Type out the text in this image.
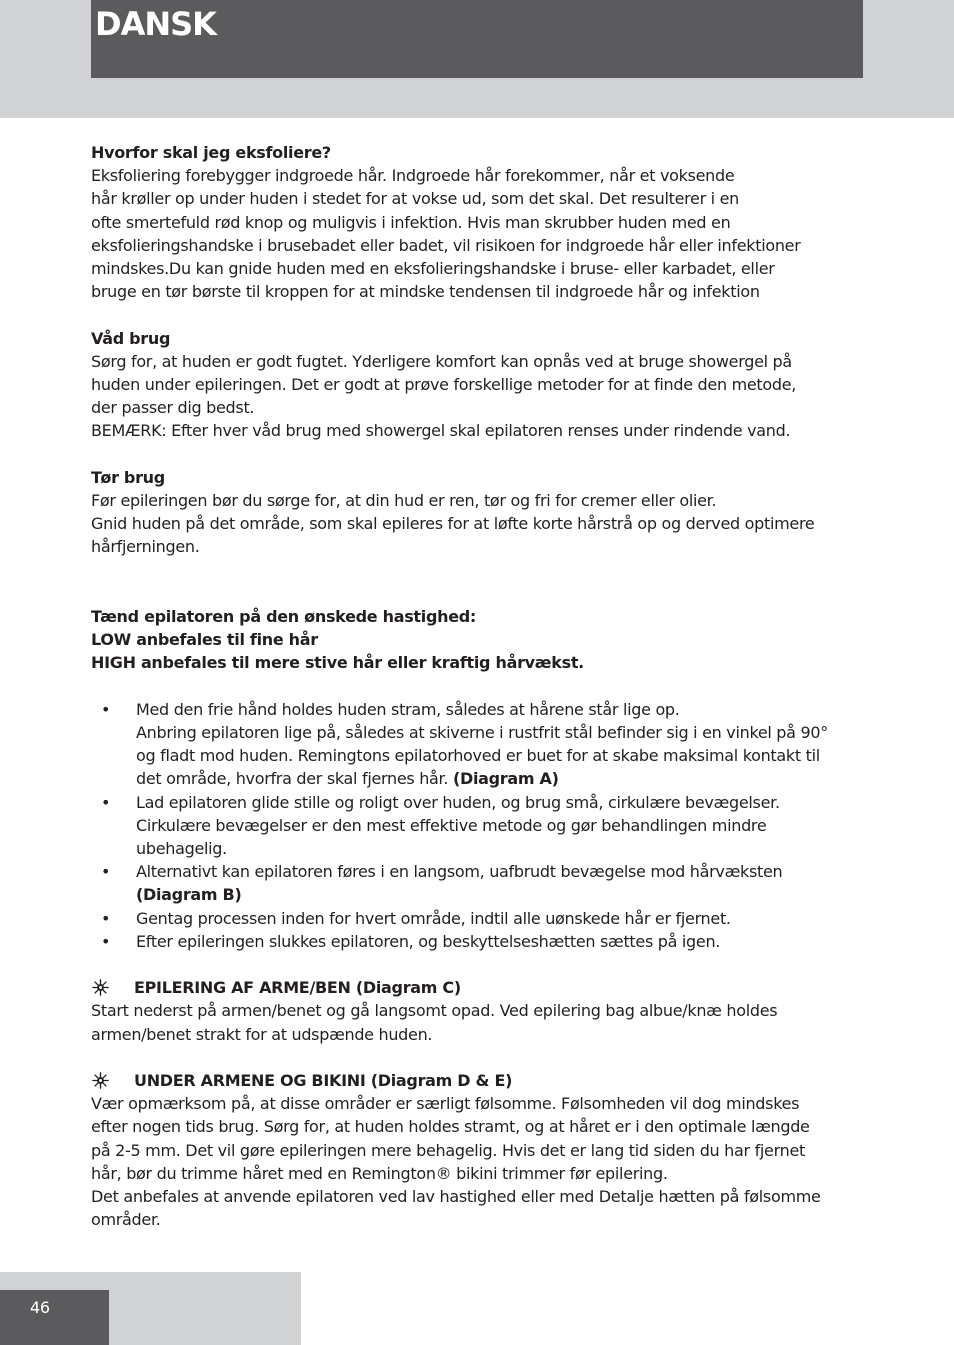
DANSK

Hvorfor skal jeg eksfoliere?

Eksfoliering forebygger indgroede hår. Indgroede hår forekommer, når et voksende

hår krøller op under huden i stedet for at vokse ud, som det skal. Det resulterer i en

ofte smertefuld rød knop og muligvis i infektion. Hvis man skrubber huden med en

eksfolieringshandske i brusebadet eller badet, vil risikoen for indgroede hår eller infektioner

mindskes.Du kan gnide huden med en eksfolieringshandske i bruse- eller karbadet, eller

bruge en tør børste til kroppen for at mindske tendensen til indgroede hår og infektion

Våd brug

Sørg for, at huden er godt fugtet. Yderligere komfort kan opnås ved at bruge showergel på

huden under epileringen. Det er godt at prøve forskellige metoder for at finde den metode,

der passer dig bedst.

BEMÆRK: Efter hver våd brug med showergel skal epilatoren renses under rindende vand.

Tør brug

Før epileringen bør du sørge for, at din hud er ren, tør og fri for cremer eller olier.

Gnid huden på det område, som skal epileres for at løfte korte hårstrå op og derved optimere

hårfjerningen.

Tænd epilatoren på den ønskede hastighed:

LOW anbefales til fine hår

HIGH anbefales til mere stive hår eller kraftig hårvækst.

• Med den frie hånd holdes huden stram, således at hårene står lige op.
Anbring epilatoren lige på, således at skiverne i rustfrit stål befinder sig i en vinkel på 90°
og fladt mod huden. Remingtons epilatorhoved er buet for at skabe maksimal kontakt til
det område, hvorfra der skal fjernes hår. (Diagram A)
• Lad epilatoren glide stille og roligt over huden, og brug små, cirkulære bevægelser.
Cirkulære bevægelser er den mest effektive metode og gør behandlingen mindre
ubehagelig.
• Alternativt kan epilatoren føres i en langsom, uafbrudt bevægelse mod hårvæksten
(Diagram B)
• Gentag processen inden for hvert område, indtil alle uønskede hår er fjernet.
• Efter epileringen slukkes epilatoren, og beskyttelseshætten sættes på igen.
EPILERING AF ARME/BEN (Diagram C)

Start nederst på armen/benet og gå langsomt opad. Ved epilering bag albue/knæ holdes

armen/benet strakt for at udspænde huden.

UNDER ARMENE OG BIKINI (Diagram D & E)

Vær opmærksom på, at disse områder er særligt følsomme. Følsomheden vil dog mindskes

efter nogen tids brug. Sørg for, at huden holdes stramt, og at håret er i den optimale længde

på 2-5 mm. Det vil gøre epileringen mere behagelig. Hvis det er lang tid siden du har fjernet

hår, bør du trimme håret med en Remington® bikini trimmer før epilering.

Det anbefales at anvende epilatoren ved lav hastighed eller med Detalje hætten på følsomme

områder.

46
